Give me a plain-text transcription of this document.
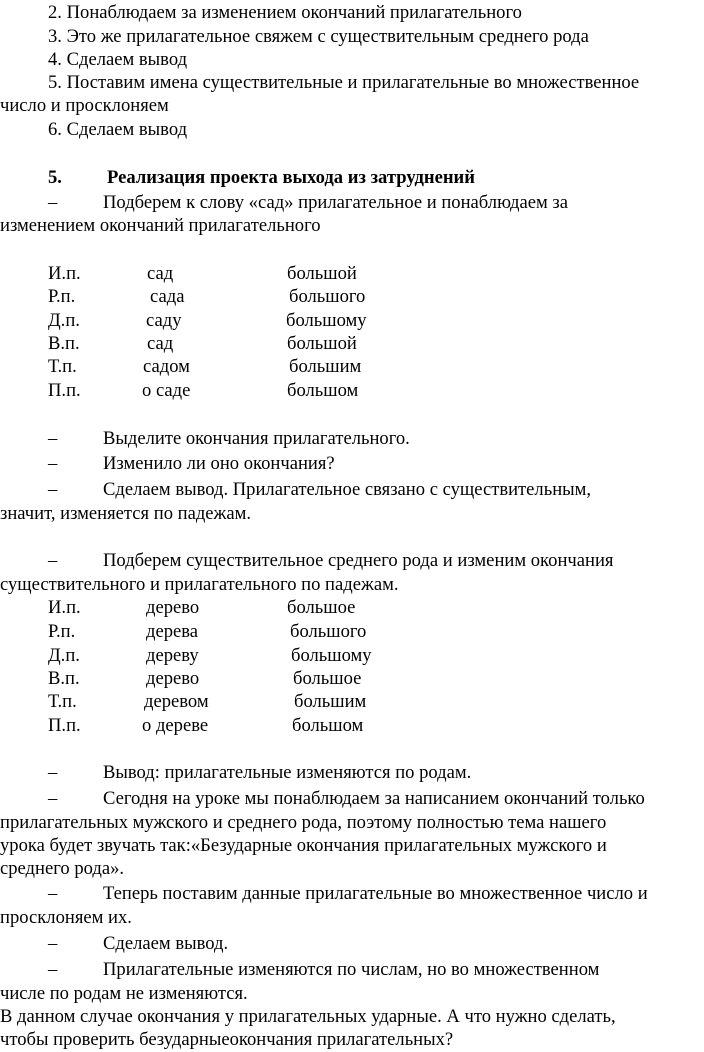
2. Понаблюдаем за изменением окончаний прилагательного
3. Это же прилагательное свяжем с существительным среднего рода
4. Сделаем вывод
5. Поставим имена существительные и прилагательные во множественное
число и просклоняем
6. Сделаем вывод
5. Реализация проекта выхода из затруднений
– Подберем к слову «сад» прилагательное и понаблюдаем за
изменением окончаний прилагательного
И.п.	сад	большой
Р.п.	сада	большого
Д.п.	саду	большому
В.п.	сад	большой
Т.п.	садом	большим
П.п.	о саде	большом
– Выделите окончания прилагательного.
– Изменило ли оно окончания?
– Сделаем вывод. Прилагательное связано с существительным,
значит, изменяется по падежам.
– Подберем существительное среднего рода и изменим окончания
существительного и прилагательного по падежам.
И.п.	дерево	большое
Р.п.	дерева	большого
Д.п.	дереву	большому
В.п.	дерево	большое
Т.п.	деревом	большим
П.п.	о дереве	большом
– Вывод: прилагательные изменяются по родам.
– Сегодня на уроке мы понаблюдаем за написанием окончаний только
прилагательных мужского и среднего рода, поэтому полностью тема нашего
урока будет звучать так:«Безударные окончания прилагательных мужского и
среднего рода».
– Теперь поставим данные прилагательные во множественное число и
просклоняем их.
– Сделаем вывод.
– Прилагательные изменяются по числам, но во множественном
числе по родам не изменяются.
В данном случае окончания у прилагательных ударные. А что нужно сделать,
чтобы проверить безударныеокончания прилагательных?
